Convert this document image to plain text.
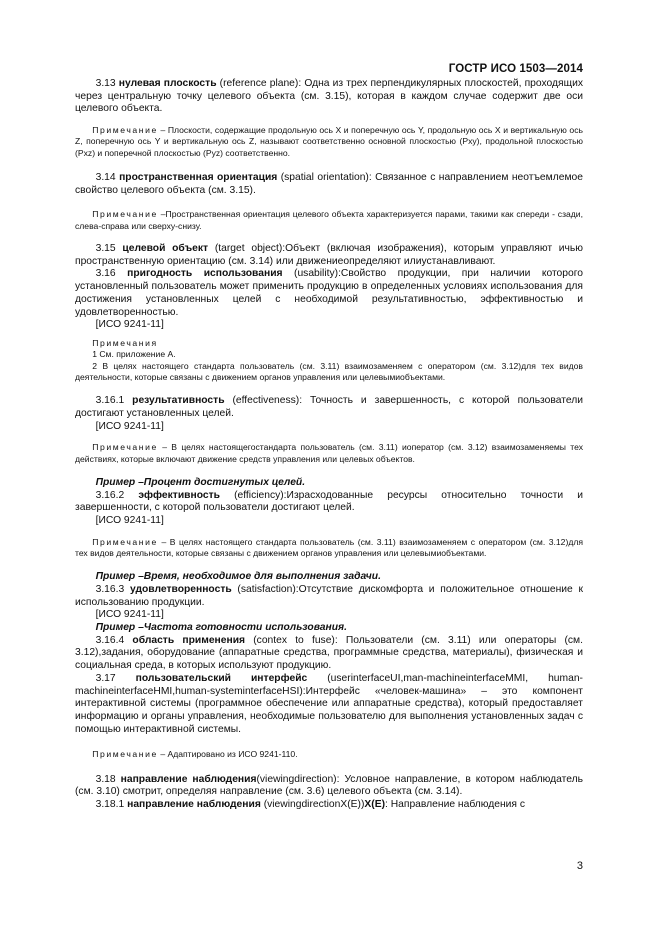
ГОСТР ИСО 1503—2014

  3.13 нулевая плоскость (reference plane): Одна из трех перпендикулярных плоскостей, проходящих через центральную точку целевого объекта (см. 3.15), которая в каждом случае содержит две оси целевого объекта.

  Примечание – Плоскости, содержащие продольную ось X и поперечную ось Y, продольную ось X и вертикальную ось Z, поперечную ось Y и вертикальную ось Z, называют соответственно основной плоскостью (Pxy), продольной плоскостью (Pxz) и поперечной плоскостью (Pyz) соответственно.

  3.14 пространственная ориентация (spatial orientation): Связанное с направлением неотъемлемое свойство целевого объекта (см. 3.15).

  Примечание –Пространственная ориентация целевого объекта характеризуется парами, такими как спереди - сзади, слева-справа или сверху-снизу.

  3.15 целевой объект (target object):Объект (включая изображения), которым управляют ичью пространственную ориентацию (см. 3.14) или движениеопределяют илиустанавливают.

  3.16 пригодность использования (usability):Свойство продукции, при наличии которого установленный пользователь может применить продукцию в определенных условиях использования для достижения установленных целей с необходимой результативностью, эффективностью и удовлетворенностью.

  [ИСО 9241-11]

  Примечания

  1 См. приложение А.

  2 В целях настоящего стандарта пользователь (см. 3.11) взаимозаменяем с оператором (см. 3.12)для тех видов деятельности, которые связаны с движением органов управления или целевымиобъектами.

  3.16.1 результативность (effectiveness): Точность и завершенность, с которой пользователи достигают установленных целей.

  [ИСО 9241-11]

  Примечание – В целях настоящегостандарта пользователь (см. 3.11) иоператор (см. 3.12) взаимозаменяемы тех действиях, которые включают движение средств управления или целевых объектов.

  Пример –Процент достигнутых целей.

  3.16.2 эффективность (efficiency):Израсходованные ресурсы относительно точности и завершенности, с которой пользователи достигают целей.

  [ИСО 9241-11]

  Примечание – В целях настоящего стандарта пользователь (см. 3.11) взаимозаменяем с оператором (см. 3.12)для тех видов деятельности, которые связаны с движением органов управления или целевымиобъектами.

  Пример –Время, необходимое для выполнения задачи.

  3.16.3 удовлетворенность (satisfaction):Отсутствие дискомфорта и положительное отношение к использованию продукции.

  [ИСО 9241-11]

  Пример –Частота готовности использования.

  3.16.4 область применения (contex to fuse): Пользователи (см. 3.11) или операторы (см. 3.12),задания, оборудование (аппаратные средства, программные средства, материалы), физическая и социальная среда, в которых используют продукцию.

  3.17 пользовательский интерфейс (userinterfaceUI,man-machineinterfaceMMI, human-machineinterfaceHMI,human-systeminterfaceHSI):Интерфейс «человек-машина» – это компонент интерактивной системы (программное обеспечение или аппаратные средства), который предоставляет информацию и органы управления, необходимые пользователю для выполнения установленных задач с помощью интерактивной системы.

  Примечание – Адаптировано из ИСО 9241-110.

  3.18 направление наблюдения(viewingdirection): Условное направление, в котором наблюдатель (см. 3.10) смотрит, определяя направление (см. 3.6) целевого объекта (см. 3.14).

  3.18.1 направление наблюдения (viewingdirectionX(E))X(E): Направление наблюдения с

3
